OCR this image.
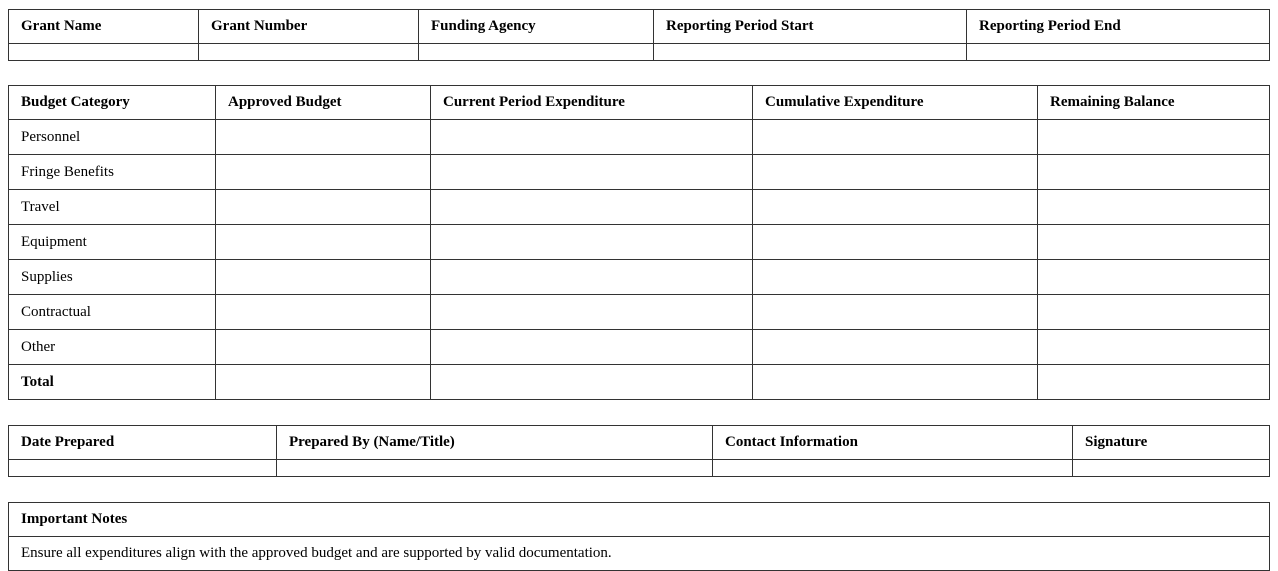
Grant Name	Grant Number	Funding Agency	Reporting Period Start	Reporting Period End

Budget Category	Approved Budget	Current Period Expenditure	Cumulative Expenditure	Remaining Balance
Personnel				
Fringe Benefits				
Travel				
Equipment				
Supplies				
Contractual				
Other				
Total				
Date Prepared	Prepared By (Name/Title)	Contact Information	Signature

Important Notes
Ensure all expenditures align with the approved budget and are supported by valid documentation.
